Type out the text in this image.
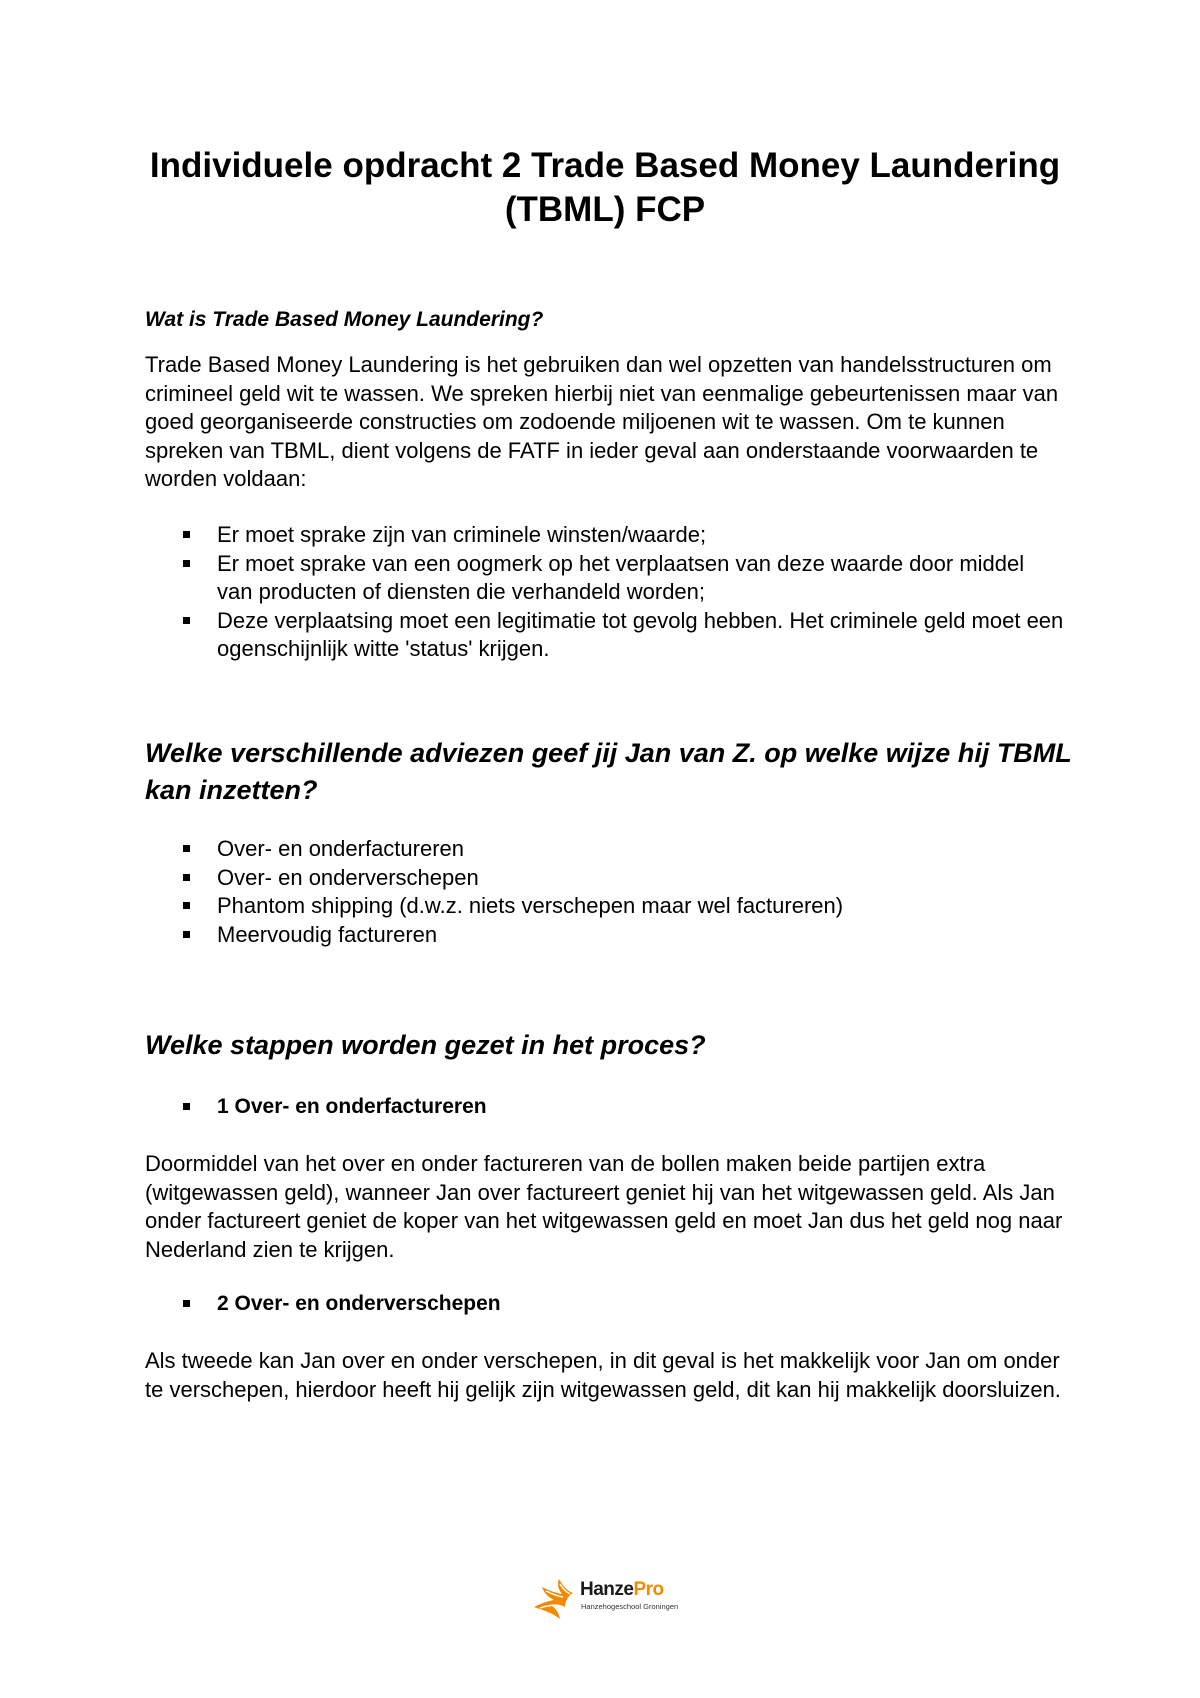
Individuele opdracht 2 Trade Based Money Laundering (TBML) FCP
Wat is Trade Based Money Laundering?

Trade Based Money Laundering is het gebruiken dan wel opzetten van handelsstructuren om crimineel geld wit te wassen. We spreken hierbij niet van eenmalige gebeurtenissen maar van goed georganiseerde constructies om zodoende miljoenen wit te wassen. Om te kunnen spreken van TBML, dient volgens de FATF in ieder geval aan onderstaande voorwaarden te worden voldaan:

Er moet sprake zijn van criminele winsten/waarde;
Er moet sprake van een oogmerk op het verplaatsen van deze waarde door middel van producten of diensten die verhandeld worden;
Deze verplaatsing moet een legitimatie tot gevolg hebben. Het criminele geld moet een ogenschijnlijk witte 'status' krijgen.
Welke verschillende adviezen geef jij Jan van Z. op welke wijze hij TBML kan inzetten?
Over- en onderfactureren
Over- en onderverschepen
Phantom shipping (d.w.z. niets verschepen maar wel factureren)
Meervoudig factureren
Welke stappen worden gezet in het proces?
1 Over- en onderfactureren

Doormiddel van het over en onder factureren van de bollen maken beide partijen extra (witgewassen geld), wanneer Jan over factureert geniet hij van het witgewassen geld. Als Jan onder factureert geniet de koper van het witgewassen geld en moet Jan dus het geld nog naar Nederland zien te krijgen.

2 Over- en onderverschepen

Als tweede kan Jan over en onder verschepen, in dit geval is het makkelijk voor Jan om onder te verschepen, hierdoor heeft hij gelijk zijn witgewassen geld, dit kan hij makkelijk doorsluizen.

HanzePro
Hanzehogeschool Groningen
